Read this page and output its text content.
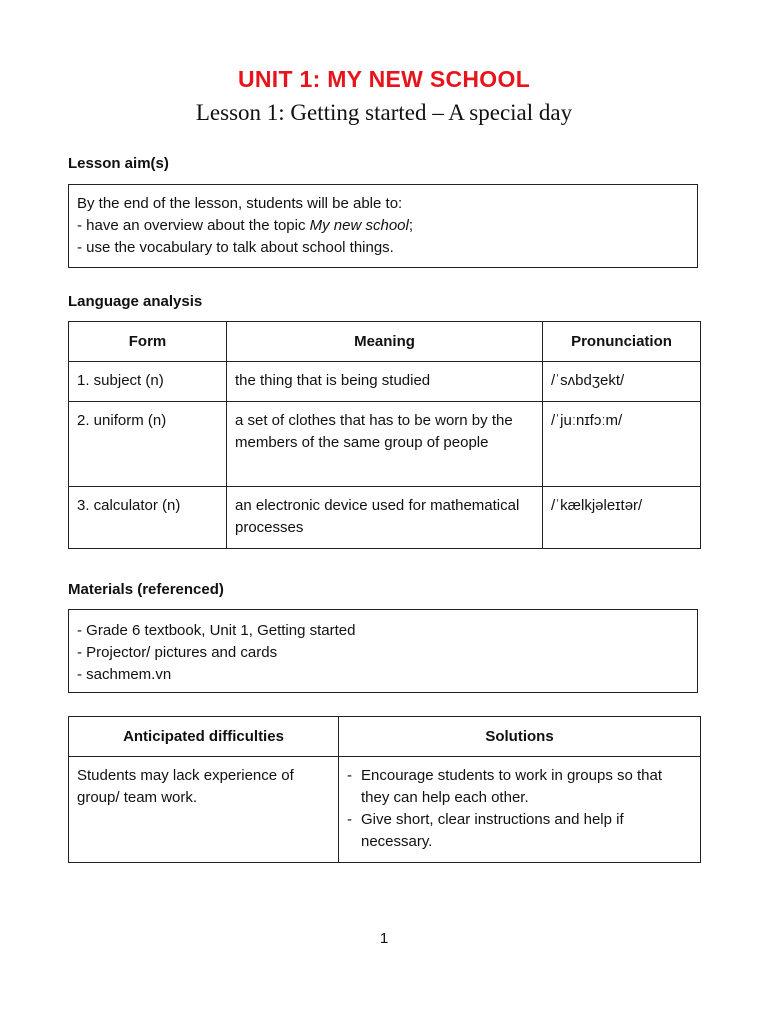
UNIT 1: MY NEW SCHOOL
Lesson 1: Getting started – A special day
Lesson aim(s)
By the end of the lesson, students will be able to:
- have an overview about the topic My new school;
- use the vocabulary to talk about school things.
Language analysis
Form	Meaning	Pronunciation
1. subject (n)	the thing that is being studied	/ˈsʌbdʒekt/
2. uniform (n)	a set of clothes that has to be worn by the members of the same group of people	/ˈjuːnɪfɔːm/
3. calculator (n)	an electronic device used for mathematical processes	/ˈkælkjəleɪtər/
Materials (referenced)
- Grade 6 textbook, Unit 1, Getting started
- Projector/ pictures and cards
- sachmem.vn
Anticipated difficulties	Solutions
Students may lack experience of group/ team work.	- Encourage students to work in groups so that they can help each other.
- Give short, clear instructions and help if necessary.
1
